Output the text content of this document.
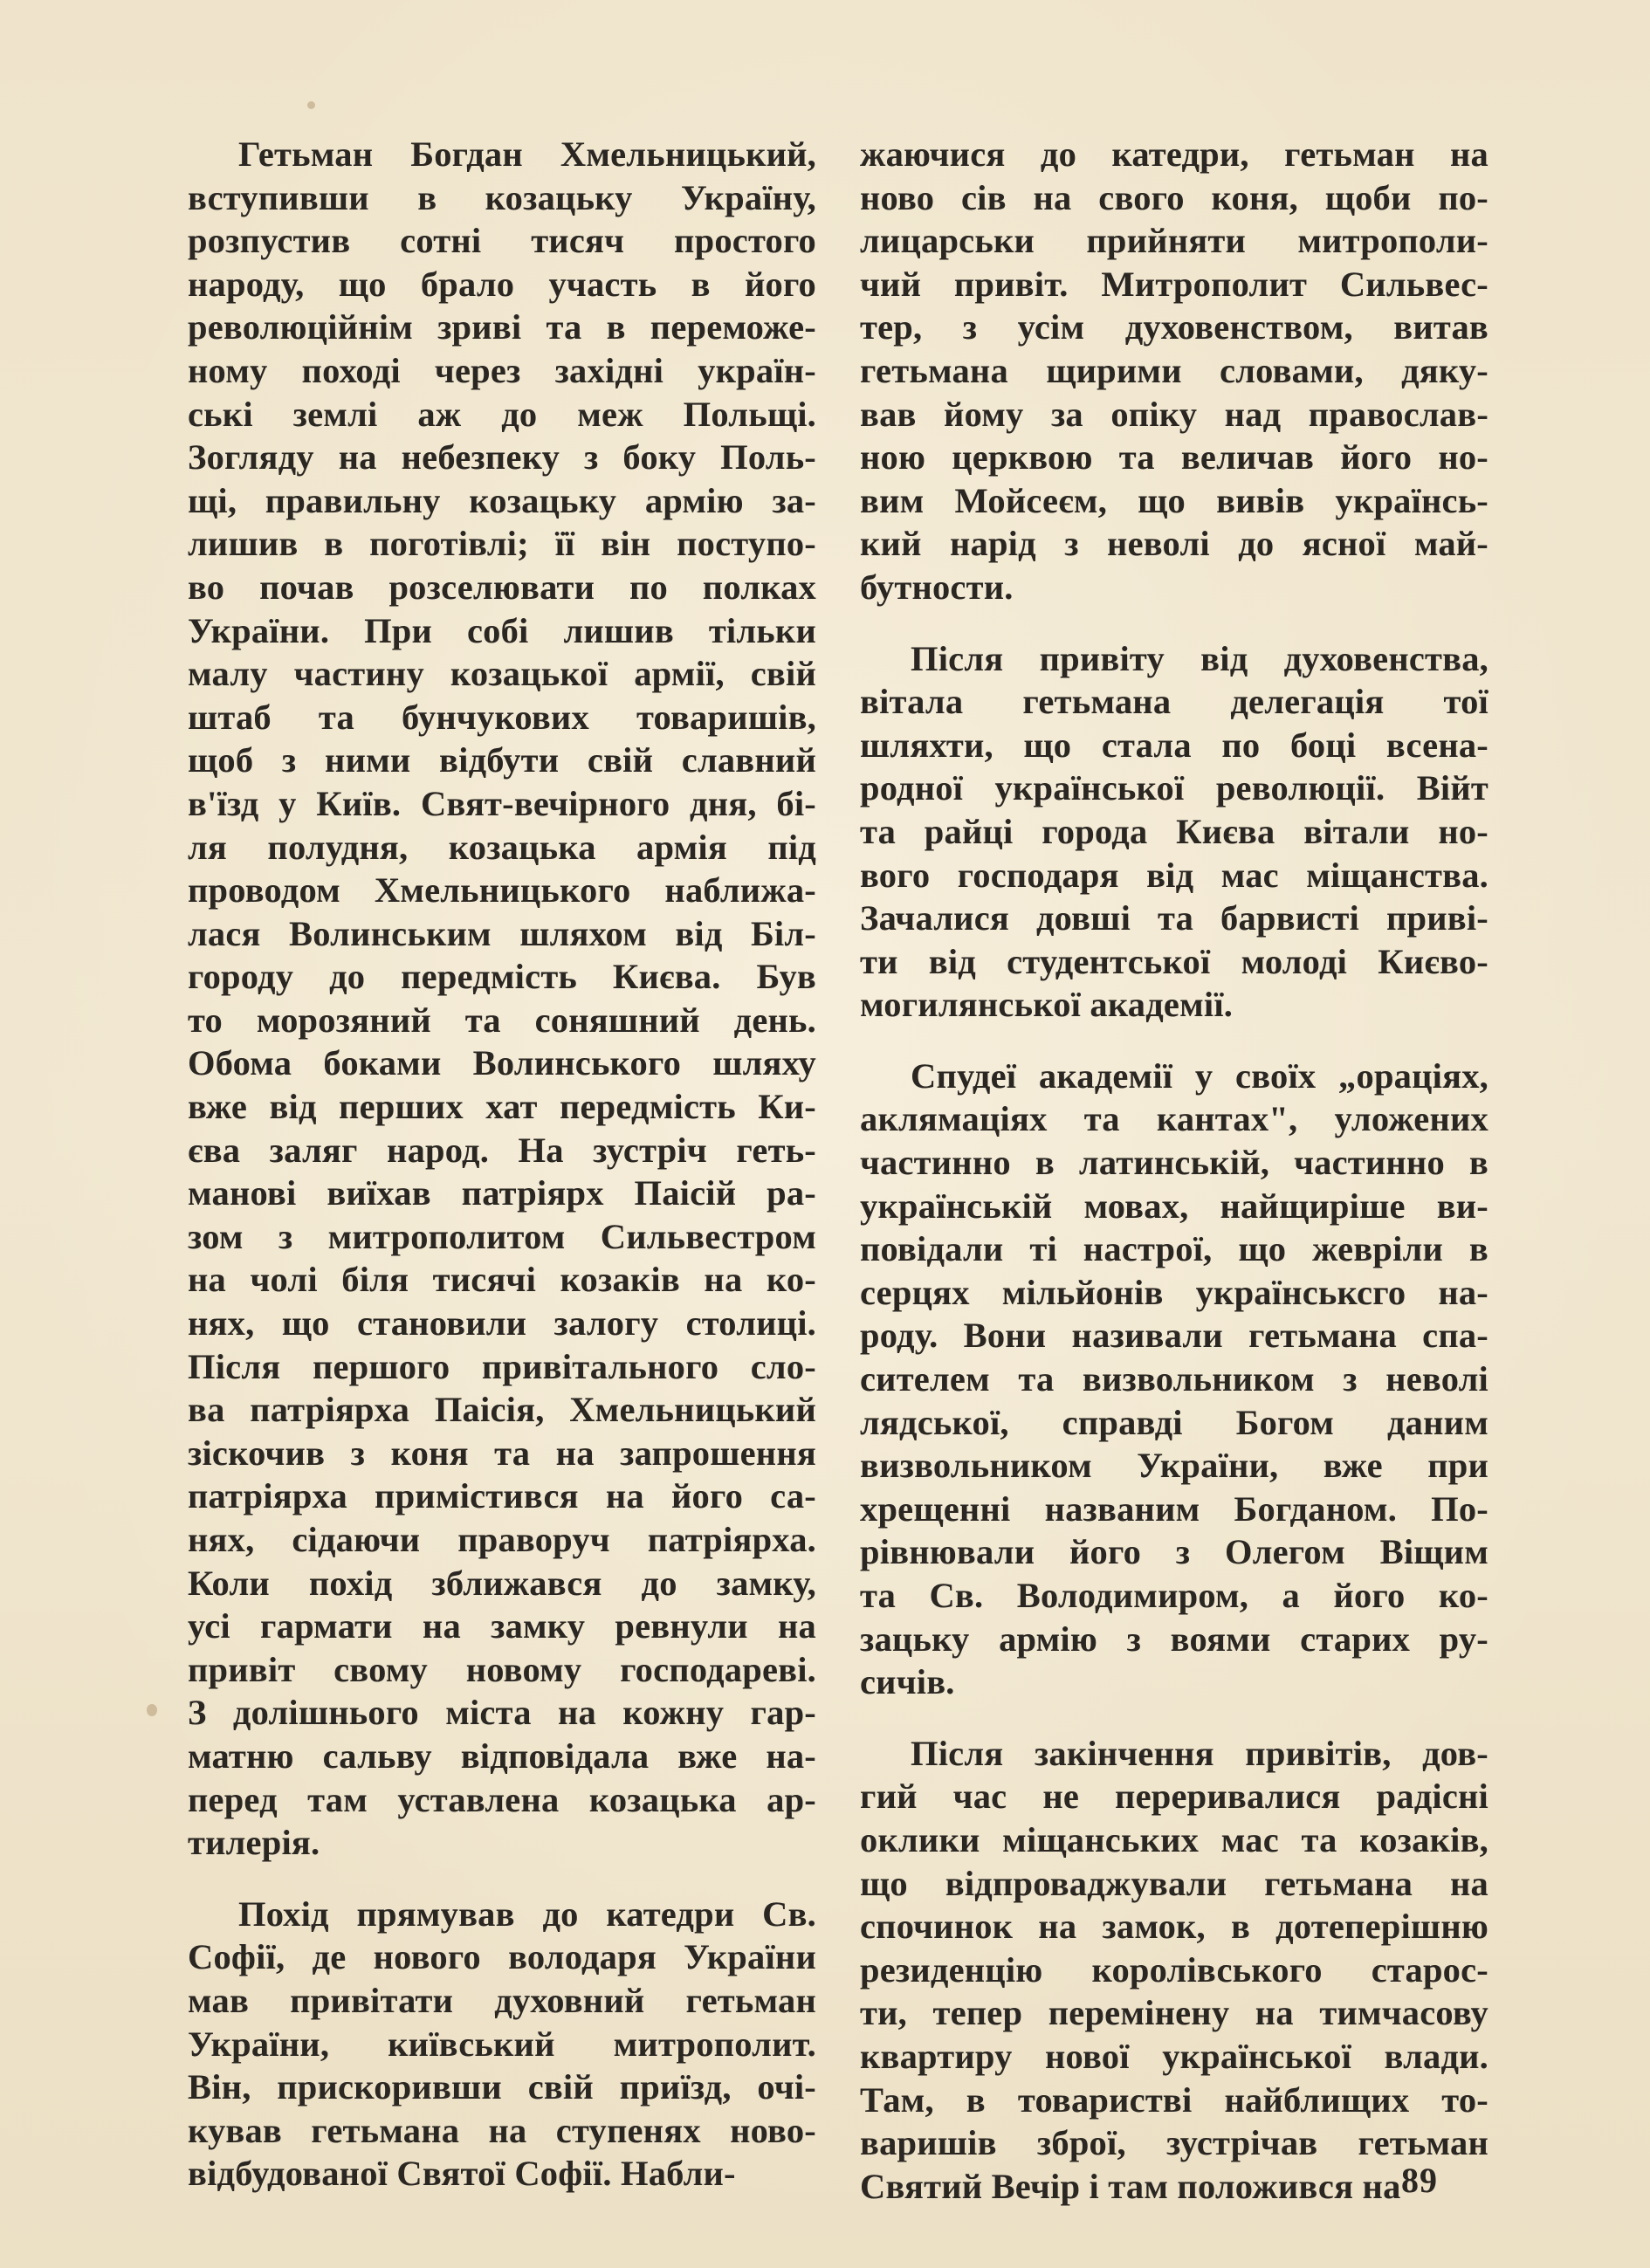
Гетьман Богдан Хмельницький,
вступивши в козацьку Україну,
розпустив сотні тисяч простого
народу, що брало участь в його
революційнім зриві та в переможе-
ному поході через західні україн-
ські землі аж до меж Польщі.
Зогляду на небезпеку з боку Поль-
щі, правильну козацьку армію за-
лишив в поготівлі; її він поступо-
во почав розселювати по полках
України. При собі лишив тільки
малу частину козацької армії, свій
штаб та бунчукових товаришів,
щоб з ними відбути свій славний
в'їзд у Київ. Свят-вечірного дня, бі-
ля полудня, козацька армія під
проводом Хмельницького наближа-
лася Волинським шляхом від Біл-
городу до передмість Києва. Був
то морозяний та соняшний день.
Обома боками Волинського шляху
вже від перших хат передмість Ки-
єва заляг народ. На зустріч геть-
манові виїхав патріярх Паісій ра-
зом з митрополитом Сильвестром
на чолі біля тисячі козаків на ко-
нях, що становили залогу столиці.
Після першого привітального сло-
ва патріярха Паісія, Хмельницький
зіскочив з коня та на запрошення
патріярха примістився на його са-
нях, сідаючи праворуч патріярха.
Коли похід зближався до замку,
усі гармати на замку ревнули на
привіт свому новому господареві.
З долішнього міста на кожну гар-
матню сальву відповідала вже на-
перед там уставлена козацька ар-
тилерія.

Похід прямував до катедри Св.
Софії, де нового володаря України
мав привітати духовний гетьман
України, київський митрополит.
Він, прискоривши свій приїзд, очі-
кував гетьмана на ступенях ново-
відбудованої Святої Софії. Набли-

жаючися до катедри, гетьман на
ново сів на свого коня, щоби по-
лицарськи прийняти митрополи-
чий привіт. Митрополит Сильвес-
тер, з усім духовенством, витав
гетьмана щирими словами, дяку-
вав йому за опіку над православ-
ною церквою та величав його но-
вим Мойсеєм, що вивів українсь-
кий нарід з неволі до ясної май-
бутности.

Після привіту від духовенства,
вітала гетьмана делегація тої
шляхти, що стала по боці всена-
родної української революції. Війт
та райці города Києва вітали но-
вого господаря від мас міщанства.
Зачалися довші та барвисті приві-
ти від студентської молоді Києво-
могилянської академії.

Спудеї академії у своїх „ораціях,
аклямаціях та кантах", уложених
частинно в латинській, частинно в
українській мовах, найщиріше ви-
повідали ті настрої, що жевріли в
серцях мільйонів українськсго на-
роду. Вони називали гетьмана спа-
сителем та визвольником з неволі
лядської, справді Богом даним
визвольником України, вже при
хрещенні названим Богданом. По-
рівнювали його з Олегом Віщим
та Св. Володимиром, а його ко-
зацьку армію з воями старих ру-
сичів.

Після закінчення привітів, дов-
гий час не перeривалися радісні
оклики міщанських мас та козаків,
що відпроваджували гетьмана на
спочинок на замок, в дотеперішню
резиденцію королівського старос-
ти, тепер перемінену на тимчасову
квартиру нової української влади.
Там, в товаристві найблищих то-
варишів зброї, зустрічав гетьман
Святий Вечір і там положився на 89
